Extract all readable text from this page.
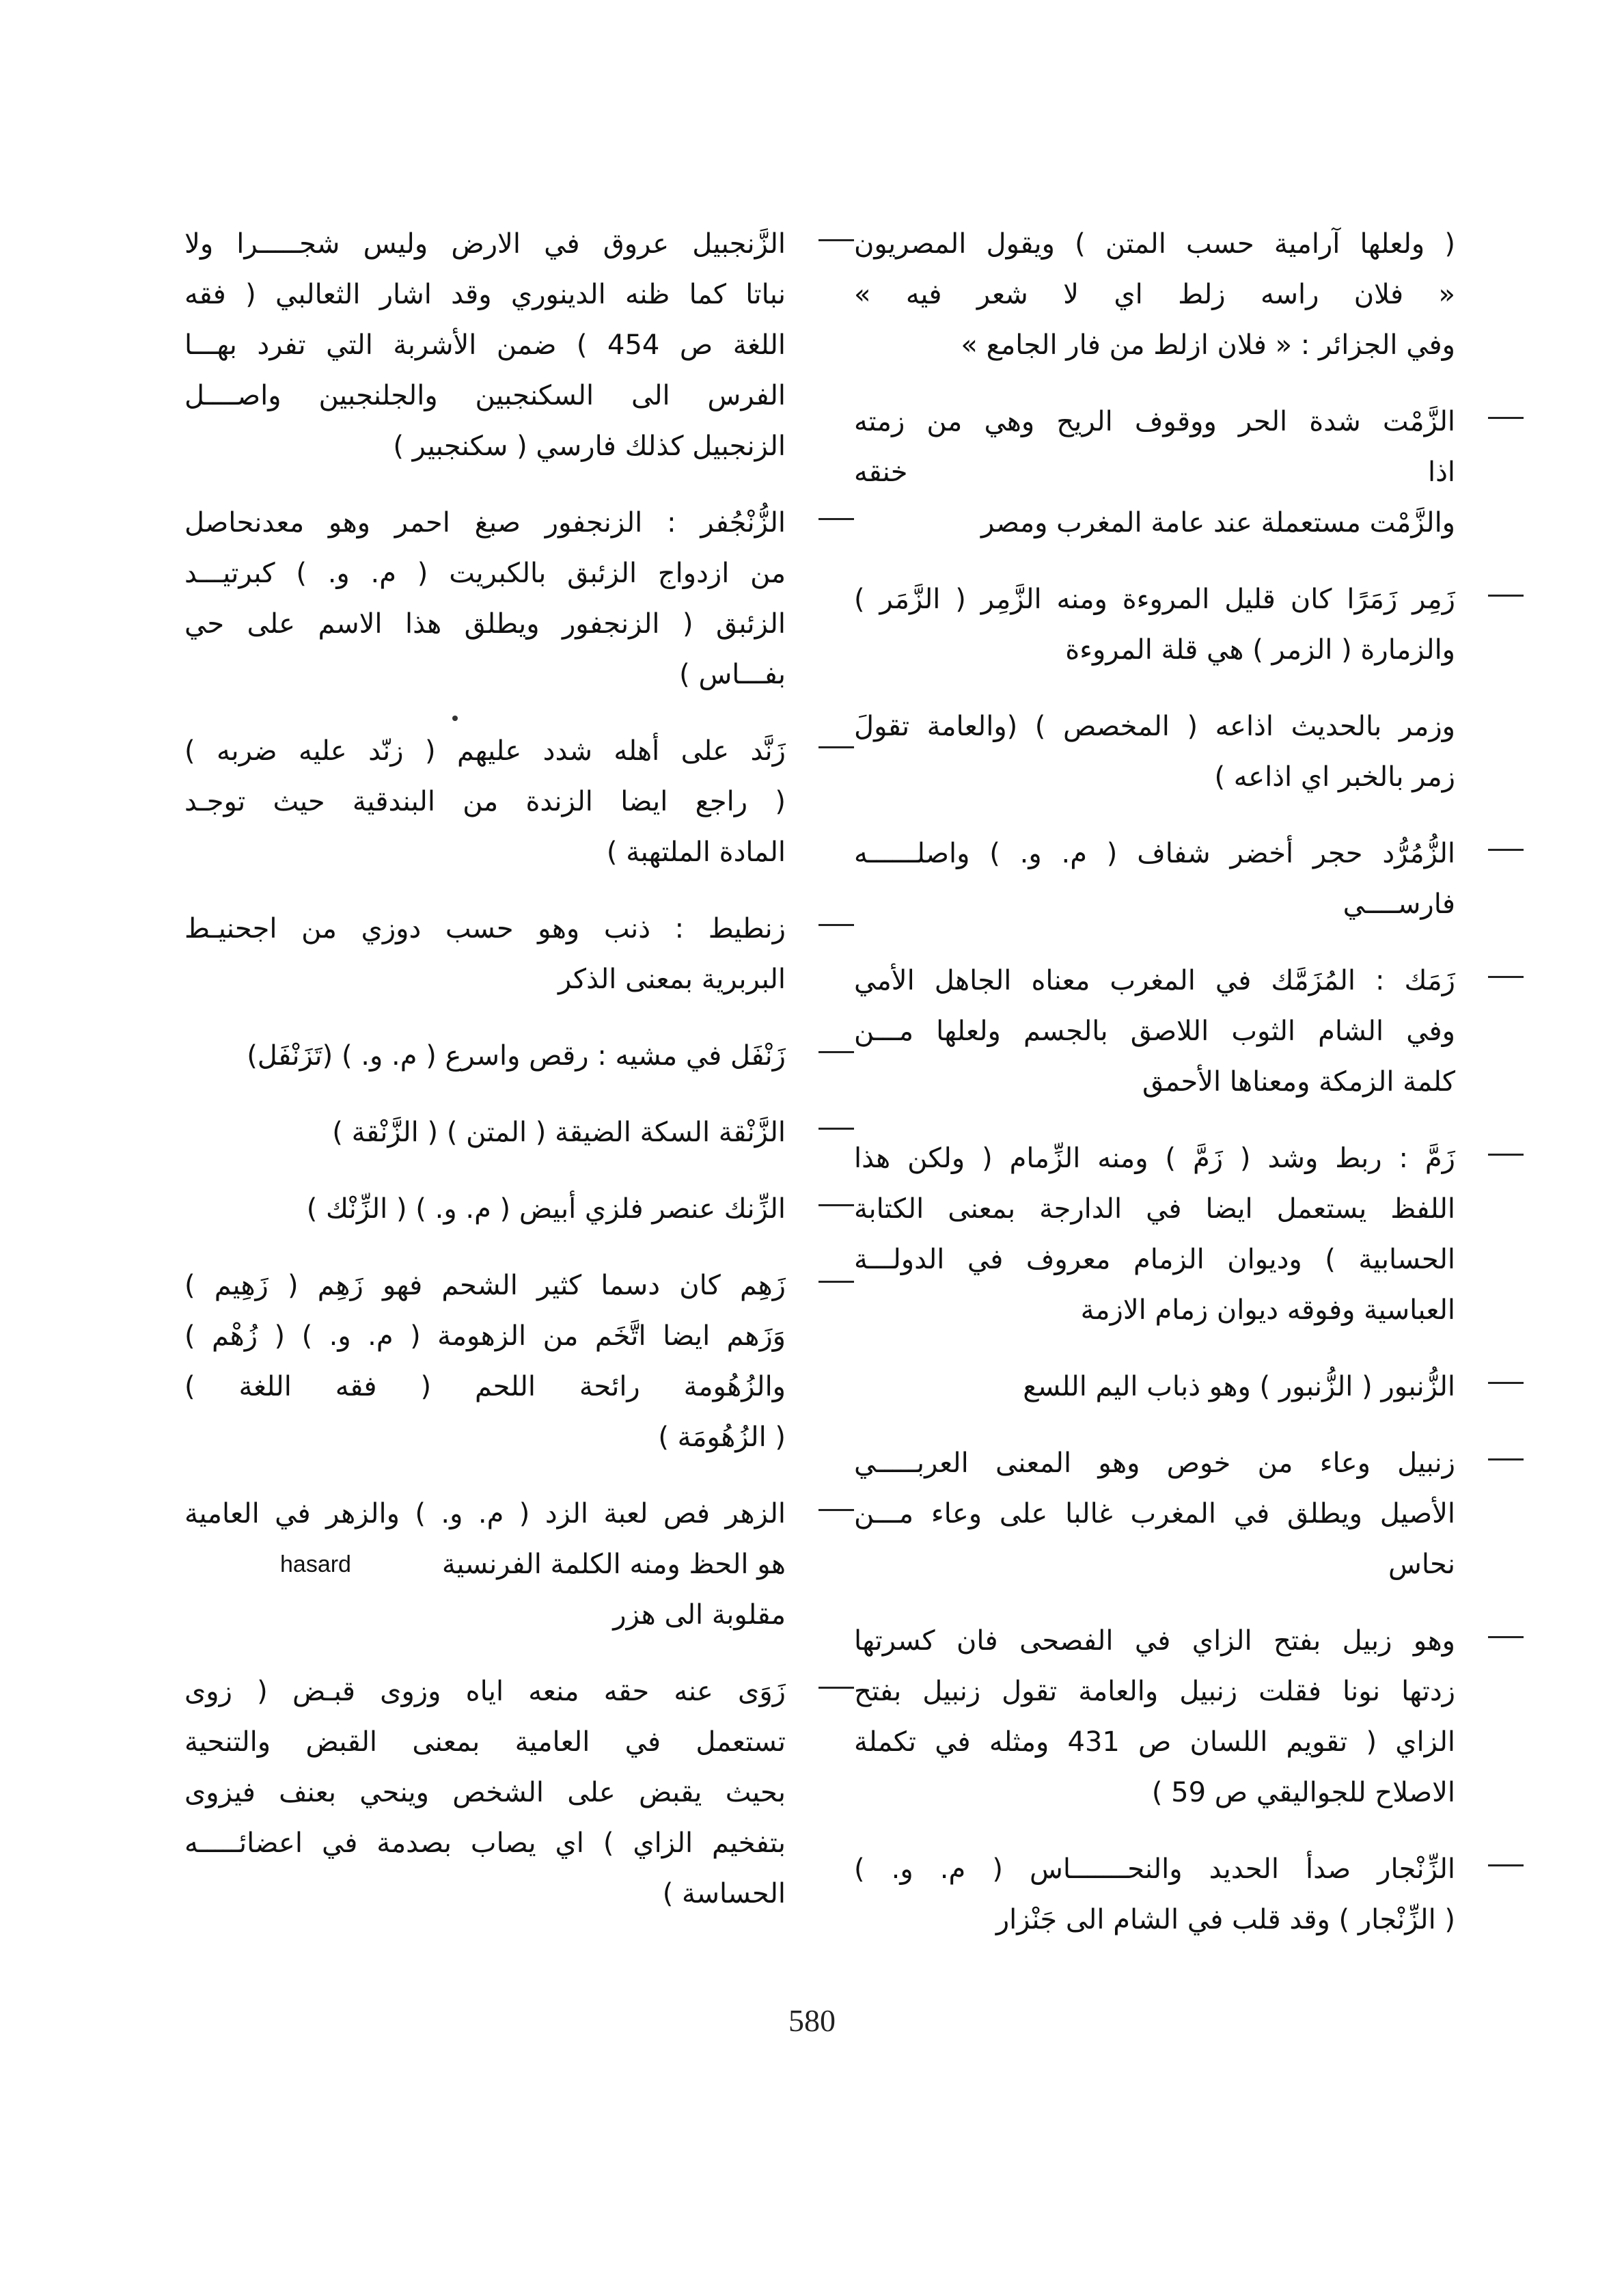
( ولعلها آرامية حسب المتن ) ويقول المصريون
« فلان راسه زلط اي لا شعر فيه »
وفي الجزائر : « فلان ازلط من فار الجامع »
الزَّمْت شدة الحر ووقوف الريح وهي من زمته
اذا خنقه
والزَّمْت مستعملة عند عامة المغرب ومصر
زَمِر زَمَرًا كان قليل المروءة ومنه الزَّمِر ( الزَّمَر )
والزمارة ( الزمر ) هي قلة المروءة
وزمر بالحديث اذاعه ( المخصص ) (والعامة تقولَ
زمر بالخبر اي اذاعه )
الزُّمُرُّد حجر أخضر شفاف ( م. و. ) واصلــــــه
فارســــي
زَمَك : المُزَمَّك في المغرب معناه الجاهل الأمي
وفي الشام الثوب اللاصق بالجسم ولعلها مـــن
كلمة الزمكة ومعناها الأحمق
زَمَّ : ربط وشد ( زَمَّ ) ومنه الزِّمام ( ولكن هذا
اللفظ يستعمل ايضا في الدارجة بمعنى الكتابة
الحسابية ) وديوان الزمام معروف في الدولـــة
العباسية وفوقه ديوان زمام الازمة
الزُّنبور ( الزُّنبور ) وهو ذباب اليم اللسع
زنبيل وعاء من خوص وهو المعنى العربـــــي
الأصيل ويطلق في المغرب غالبا على وعاء مـــن
نحاس
وهو زبيل بفتح الزاي في الفصحى فان كسرتها
زدتها نونا فقلت زنبيل والعامة تقول زنبيل بفتح
الزاي ( تقويم اللسان ص 431 ومثله في تكملة
الاصلاح للجواليقي ص 59 )
الزِّنْجار صدأ الحديد والنحـــــــاس ( م. و. )
( الزِّنْجار ) وقد قلب في الشام الى جَنْزار
الزَّنجبيل عروق في الارض وليس شجـــــرا ولا
نباتا كما ظنه الدينوري وقد اشار الثعالبي ( فقه
اللغة ص 454 ) ضمن الأشربة التي تفرد بهـــا
الفرس الى السكنجبين والجلنجبين واصــــل
الزنجبيل كذلك فارسي ( سكنجبير )
الزُّنْجُفر : الزنجفور صبغ احمر وهو معدنحاصل
من ازدواج الزئبق بالكبريت ( م. و. ) كبرتيـــد
الزئبق ( الزنجفور ويطلق هذا الاسم على حي
بفـــاس )
زَنَّد على أهله شدد عليهم ( زنّد عليه ضربه )
( راجع ايضا الزندة من البندقية حيث توجـد
المادة الملتهبة )
زنطيط : ذنب وهو حسب دوزي من اجحنيـط
البربرية بمعنى الذكر
زَنْفَل في مشيه : رقص واسرع ( م. و. ) (تَزَنْفَل)
الزَّنْقة السكة الضيقة ( المتن ) ( الزَّنْقة )
الزِّنك عنصر فلزي أبيض ( م. و. ) ( الزِّنْك )
زَهِم كان دسما كثير الشحم فهو زَهِم ( زَهِيم )
وَزَهم ايضا اتَّخَم من الزهومة ( م. و. ) ( زُهْم )
والزُهُومة رائحة اللحم ( فقه اللغة )
( الزُهُومَة )
الزهر فص لعبة الزد ( م. و. ) والزهر في العامية
هو الحظ ومنه الكلمة الفرنسية
hasard
مقلوبة الى هزر
زَوَى عنه حقه منعه اياه وزوى قبـض ( زوى
تستعمل في العامية بمعنى القبض والتنحية
بحيث يقبض على الشخص وينحي بعنف فيزوى
بتفخيم الزاي ) اي يصاب بصدمة في اعضائـــــه
الحساسة )
580
